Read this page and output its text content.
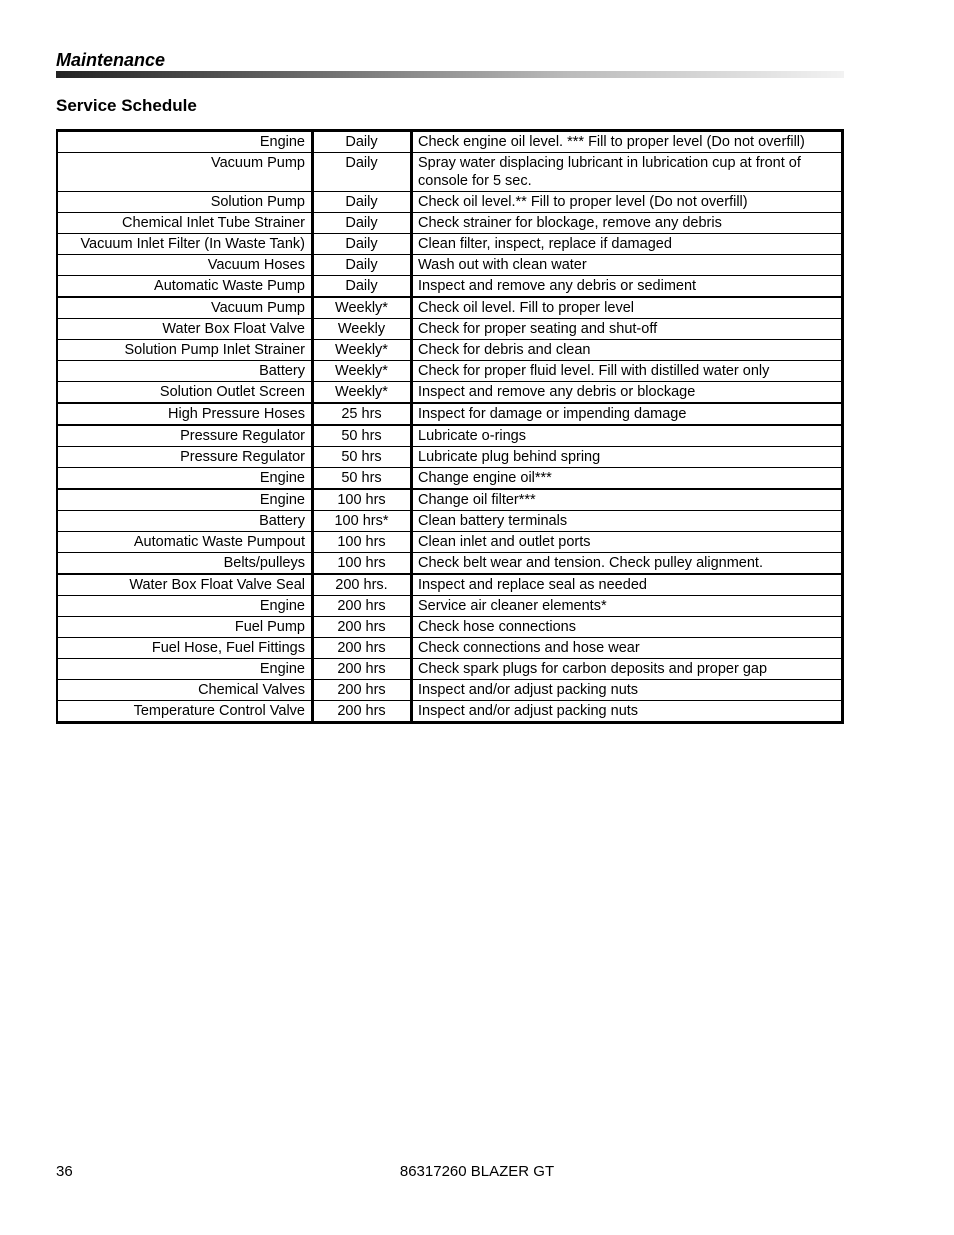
Maintenance
Service Schedule
Engine	Daily	Check engine oil level. *** Fill to proper level (Do not overfill)
Vacuum Pump	Daily	Spray water displacing lubricant in lubrication cup at front of console for 5 sec.
Solution Pump	Daily	Check oil level.** Fill to proper level (Do not overfill)
Chemical Inlet Tube Strainer	Daily	Check strainer for blockage, remove any debris
Vacuum Inlet Filter (In Waste Tank)	Daily	Clean filter, inspect, replace if damaged
Vacuum Hoses	Daily	Wash out with clean water
Automatic Waste Pump	Daily	Inspect and remove any debris or sediment
Vacuum Pump	Weekly*	Check oil level. Fill to proper level
Water Box Float Valve	Weekly	Check for proper seating and shut-off
Solution Pump Inlet Strainer	Weekly*	Check for debris and clean
Battery	Weekly*	Check for proper fluid level. Fill with distilled water only
Solution Outlet Screen	Weekly*	Inspect and remove any debris or blockage
High Pressure Hoses	25 hrs	Inspect for damage or impending damage
Pressure Regulator	50 hrs	Lubricate o-rings
Pressure Regulator	50 hrs	Lubricate plug behind spring
Engine	50 hrs	Change engine oil***
Engine	100 hrs	Change oil filter***
Battery	100 hrs*	Clean battery terminals
Automatic Waste Pumpout	100 hrs	Clean inlet and outlet ports
Belts/pulleys	100 hrs	Check belt wear and tension. Check pulley alignment.
Water Box Float Valve Seal	200 hrs.	Inspect and replace seal as needed
Engine	200 hrs	Service air cleaner elements*
Fuel Pump	200 hrs	Check hose connections
Fuel Hose, Fuel Fittings	200 hrs	Check connections and hose wear
Engine	200 hrs	Check spark plugs for carbon deposits and proper gap
Chemical Valves	200 hrs	Inspect and/or adjust packing nuts
Temperature Control Valve	200 hrs	Inspect and/or adjust packing nuts
36	86317260 BLAZER GT
